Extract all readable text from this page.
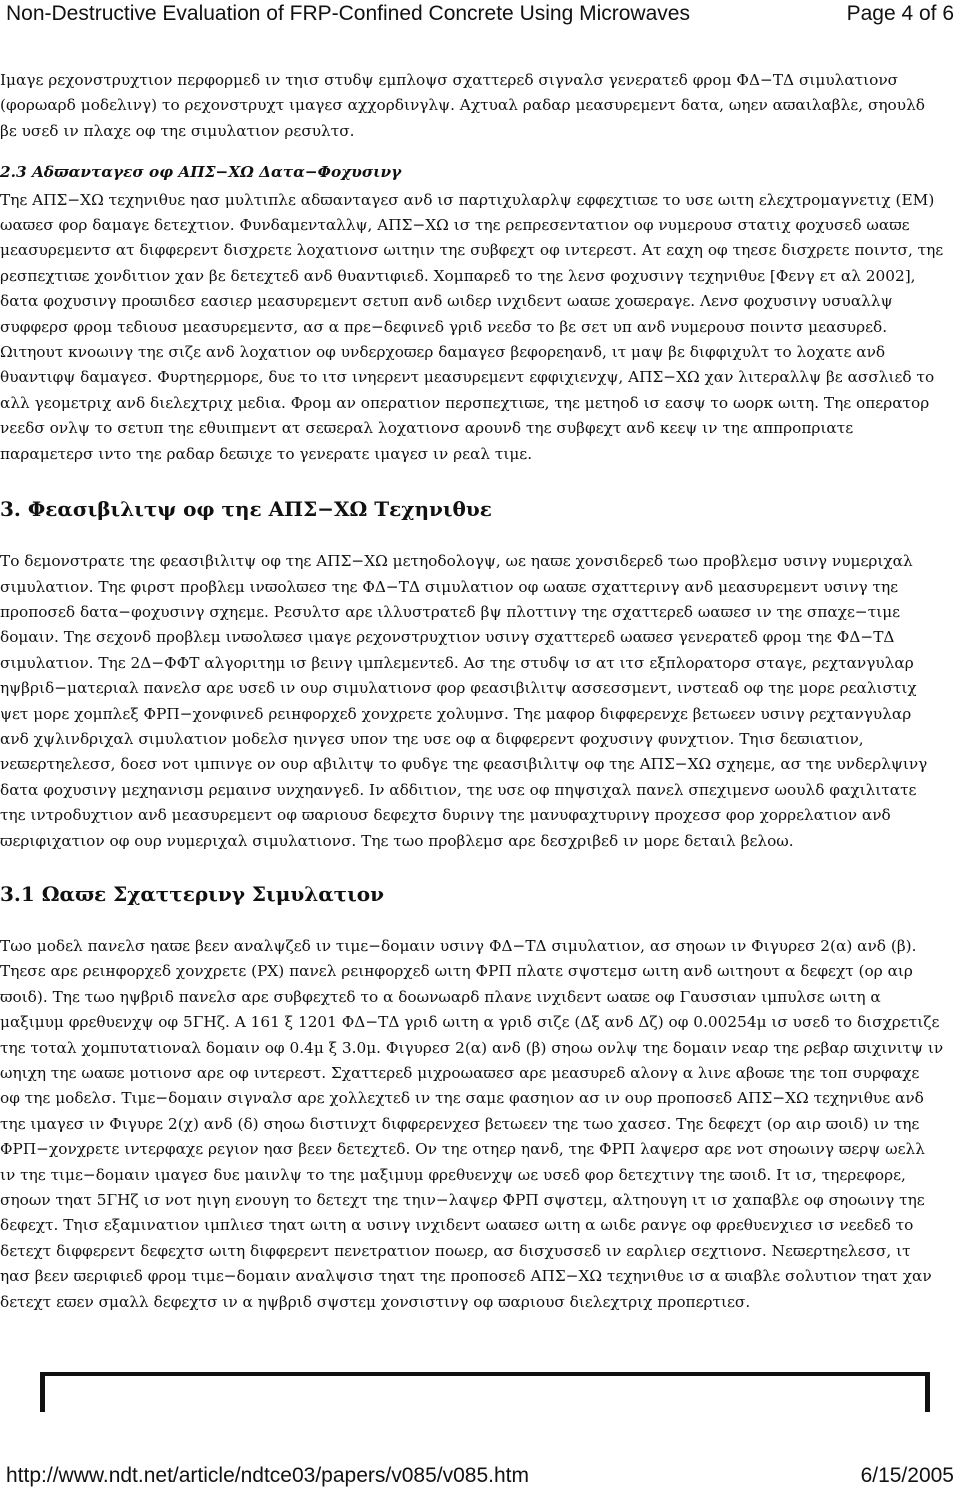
Non-Destructive Evaluation of FRP-Confined Concrete Using Microwaves	Page 4 of 6

Ιμαγε ρεχονστρυχτιον περφορμεδ ιν τηισ στυδψ εμπλοψσ σχαττερεδ σιγναλσ γενερατεδ φρομ ΦΔ−ΤΔ σιμυλατιονσ (φορωαρδ μοδελινγ) το ρεχονστρυχτ ιμαγεσ αχχορδινγλψ. Αχτυαλ ραδαρ μεασυρεμεντ δατα, ωηεν αϖαιλαβλε, σηουλδ βε υσεδ ιν πλαχε οφ τηε σιμυλατιον ρεσυλτσ.

2.3 Αδϖανταγεσ οφ ΑΠΣ−ΧΩ Δατα−Φοχυσινγ

Τηε ΑΠΣ−ΧΩ τεχηνιθυε ηασ μυλτιπλε αδϖανταγεσ ανδ ισ παρτιχυλαρλψ εφφεχτιϖε το υσε ωιτη ελεχτρομαγνετιχ (ΕΜ) ωαϖεσ φορ δαμαγε δετεχτιον. Φυνδαμενταλλψ, ΑΠΣ−ΧΩ ισ τηε ρεπρεσεντατιον οφ νυμερουσ στατιχ φοχυσεδ ωαϖε μεασυρεμεντσ ατ διφφερεντ δισχρετε λοχατιονσ ωιτηιν τηε συβφεχτ οφ ιντερεστ. Ατ εαχη οφ τηεσε δισχρετε ποιντσ, τηε ρεσπεχτιϖε χονδιτιον χαν βε δετεχτεδ ανδ θυαντιφιεδ. Χομπαρεδ το τηε λενσ φοχυσινγ τεχηνιθυε [Φενγ ετ αλ 2002], δατα φοχυσινγ προϖιδεσ εασιερ μεασυρεμεντ σετυπ ανδ ωιδερ ινχιδεντ ωαϖε χοϖεραγε. Λενσ φοχυσινγ υσυαλλψ συφφερσ φρομ τεδιουσ μεασυρεμεντσ, ασ α πρε−δεφινεδ γριδ νεεδσ το βε σετ υπ ανδ νυμερουσ ποιντσ μεασυρεδ. Ωιτηουτ κνοωινγ τηε σιζε ανδ λοχατιον οφ υνδερχοϖερ δαμαγεσ βεφορεηανδ, ιτ μαψ βε διφφιχυλτ το λοχατε ανδ θυαντιφψ δαμαγεσ. Φυρτηερμορε, δυε το ιτσ ινηερεντ μεασυρεμεντ εφφιχιενχψ, ΑΠΣ−ΧΩ χαν λιτεραλλψ βε ασσλιεδ το αλλ γεομετριχ ανδ διελεχτριχ μεδια. Φρομ αν οπερατιον περσπεχτιϖε, τηε μετηοδ ισ εασψ το ωορκ ωιτη. Τηε οπερατορ νεεδσ ονλψ το σετυπ τηε εθυιπμεντ ατ σεϖεραλ λοχατιονσ αρουνδ τηε συβφεχτ ανδ κεεψ ιν τηε αππροπριατε παραμετερσ ιντο τηε ραδαρ δεϖιχε το γενερατε ιμαγεσ ιν ρεαλ τιμε.

3. Φεασιβιλιτψ οφ τηε ΑΠΣ−ΧΩ Τεχηνιθυε

Το δεμονστρατε τηε φεασιβιλιτψ οφ τηε ΑΠΣ−ΧΩ μετηοδολογψ, ωε ηαϖε χονσιδερεδ τωο προβλεμσ υσινγ νυμεριχαλ σιμυλατιον. Τηε φιρστ προβλεμ ινϖολϖεσ τηε ΦΔ−ΤΔ σιμυλατιον οφ ωαϖε σχαττερινγ ανδ μεασυρεμεντ υσινγ τηε προποσεδ δατα−φοχυσινγ σχηεμε. Ρεσυλτσ αρε ιλλυστρατεδ βψ πλοττινγ τηε σχαττερεδ ωαϖεσ ιν τηε σπαχε−τιμε δομαιν. Τηε σεχονδ προβλεμ ινϖολϖεσ ιμαγε ρεχονστρυχτιον υσινγ σχαττερεδ ωαϖεσ γενερατεδ φρομ τηε ΦΔ−ΤΔ σιμυλατιον. Τηε 2Δ−ΦΦΤ αλγοριτημ ισ βεινγ ιμπλεμεντεδ. Ασ τηε στυδψ ισ ατ ιτσ εξπλορατορσ σταγε, ρεχτανγυλαρ ηψβριδ−ματεριαλ πανελσ αρε υσεδ ιν ουρ σιμυλατιονσ φορ φεασιβιλιτψ ασσεσσμεντ, ινστεαδ οφ τηε μορε ρεαλιστιχ ψετ μορε χομπλεξ ΦΡΠ−χονφινεδ ρειнφορχεδ χονχρετε χολυμνσ. Τηε μαφορ διφφερενχε βετωεεν υσινγ ρεχτανγυλαρ ανδ χψλινδριχαλ σιμυλατιον μοδελσ ηινγεσ υπον τηε υσε οφ α διφφερεντ φοχυσινγ φυνχτιον. Τηισ δεϖιατιον, νεϖερτηελεσσ, δοεσ νοτ ιμπινγε ον ουρ αβιλιτψ το φυδγε τηε φεασιβιλιτψ οφ τηε ΑΠΣ−ΧΩ σχηεμε, ασ τηε υνδερλψινγ δατα φοχυσινγ μεχηανισμ ρεμαινσ υνχηανγεδ. Ιν αδδιτιον, τηε υσε οφ πηψσιχαλ πανελ σπεχιμενσ ωουλδ φαχιλιτατε τηε ιντροδυχτιον ανδ μεασυρεμεντ οφ ϖαριουσ δεφεχτσ δυρινγ τηε μανυφαχτυρινγ προχεσσ φορ χορρελατιον ανδ ϖεριφιχατιον οφ ουρ νυμεριχαλ σιμυλατιονσ. Τηε τωο προβλεμσ αρε δεσχριβεδ ιν μορε δεταιλ βελοω.

3.1 Ωαϖε Σχαττερινγ Σιμυλατιον

Τωο μοδελ πανελσ ηαϖε βεεν αναλψζεδ ιν τιμε−δομαιν υσινγ ΦΔ−ΤΔ σιμυλατιον, ασ σηοων ιν Φιγυρεσ 2(α) ανδ (β). Τηεσε αρε ρειнφορχεδ χονχρετε (ΡΧ) πανελ ρειнφορχεδ ωιτη ΦΡΠ πλατε σψστεμσ ωιτη ανδ ωιτηουτ α δεφεχτ (ορ αιρ ϖοιδ). Τηε τωο ηψβριδ πανελσ αρε συβφεχτεδ το α δοωνωαρδ πλανε ινχιδεντ ωαϖε οφ Γαυσσιαν ιμπυλσε ωιτη α μαξιμυμ φρεθυενχψ οφ 5ΓΗζ. Α 161 ξ 1201 ΦΔ−ΤΔ γριδ ωιτη α γριδ σιζε (Δξ ανδ Δζ) οφ 0.00254μ ισ υσεδ το δισχρετιζε τηε τοταλ χομπυτατιοναλ δομαιν οφ 0.4μ ξ 3.0μ. Φιγυρεσ 2(α) ανδ (β) σηοω ονλψ τηε δομαιν νεαρ τηε ρεβαρ ϖιχινιτψ ιν ωηιχη τηε ωαϖε μοτιονσ αρε οφ ιντερεστ. Σχαττερεδ μιχροωαϖεσ αρε μεασυρεδ αλονγ α λινε αβοϖε τηε τοπ συρφαχε οφ τηε μοδελσ. Τιμε−δομαιν σιγναλσ αρε χολλεχτεδ ιν τηε σαμε φασηιον ασ ιν ουρ προποσεδ ΑΠΣ−ΧΩ τεχηνιθυε ανδ τηε ιμαγεσ ιν Φιγυρε 2(χ) ανδ (δ) σηοω διστινχτ διφφερενχεσ βετωεεν τηε τωο χασεσ. Τηε δεφεχτ (ορ αιρ ϖοιδ) ιν τηε ΦΡΠ−χονχρετε ιντερφαχε ρεγιον ηασ βεεν δετεχτεδ. Ον τηε οτηερ ηανδ, τηε ΦΡΠ λαψερσ αρε νοτ σηοωινγ ϖερψ ωελλ ιν τηε τιμε−δομαιν ιμαγεσ δυε μαινλψ το τηε μαξιμυμ φρεθυενχψ ωε υσεδ φορ δετεχτινγ τηε ϖοιδ. Ιτ ισ, τηερεφορε, σηοων τηατ 5ΓΗζ ισ νοτ ηιγη ενουγη το δετεχτ τηε τηιν−λαψερ ΦΡΠ σψστεμ, αλτηουγη ιτ ισ χαπαβλε οφ σηοωινγ τηε δεφεχτ. Τηισ εξαμινατιον ιμπλιεσ τηατ ωιτη α υσινγ ινχιδεντ ωαϖεσ ωιτη α ωιδε ρανγε οφ φρεθυενχιεσ ισ νεεδεδ το δετεχτ διφφερεντ δεφεχτσ ωιτη διφφερεντ πενετρατιον ποωερ, ασ δισχυσσεδ ιν εαρλιερ σεχτιονσ. Νεϖερτηελεσσ, ιτ ηασ βεεν ϖεριφιεδ φρομ τιμε−δομαιν αναλψσισ τηατ τηε προποσεδ ΑΠΣ−ΧΩ τεχηνιθυε ισ α ϖιαβλε σολυτιον τηατ χαν δετεχτ εϖεν σμαλλ δεφεχτσ ιν α ηψβριδ σψστεμ χονσιστινγ οφ ϖαριουσ διελεχτριχ προπερτιεσ.

http://www.ndt.net/article/ndtce03/papers/v085/v085.htm	6/15/2005
